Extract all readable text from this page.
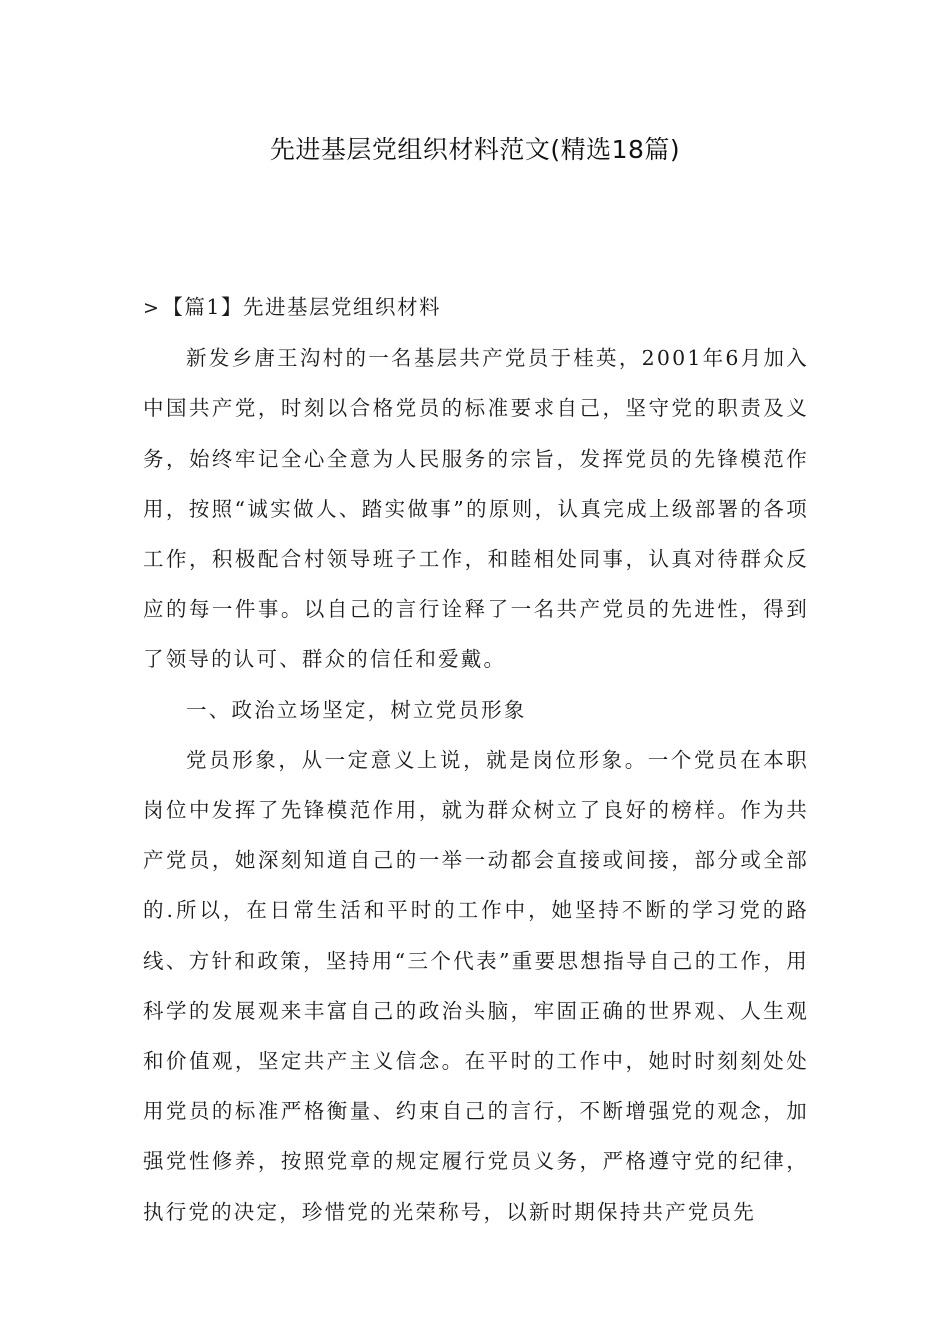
先进基层党组织材料范文(精选18篇)

>【篇1】先进基层党组织材料

新发乡唐王沟村的一名基层共产党员于桂英，2001年6月加入中国共产党，时刻以合格党员的标准要求自己，坚守党的职责及义务，始终牢记全心全意为人民服务的宗旨，发挥党员的先锋模范作用，按照“诚实做人、踏实做事”的原则，认真完成上级部署的各项工作，积极配合村领导班子工作，和睦相处同事，认真对待群众反应的每一件事。以自己的言行诠释了一名共产党员的先进性，得到了领导的认可、群众的信任和爱戴。

一、政治立场坚定，树立党员形象

党员形象，从一定意义上说，就是岗位形象。一个党员在本职岗位中发挥了先锋模范作用，就为群众树立了良好的榜样。作为共产党员，她深刻知道自己的一举一动都会直接或间接，部分或全部的.所以，在日常生活和平时的工作中，她坚持不断的学习党的路线、方针和政策，坚持用“三个代表”重要思想指导自己的工作，用科学的发展观来丰富自己的政治头脑，牢固正确的世界观、人生观和价值观，坚定共产主义信念。在平时的工作中，她时时刻刻处处用党员的标准严格衡量、约束自己的言行，不断增强党的观念，加强党性修养，按照党章的规定履行党员义务，严格遵守党的纪律，执行党的决定，珍惜党的光荣称号，以新时期保持共产党员先
